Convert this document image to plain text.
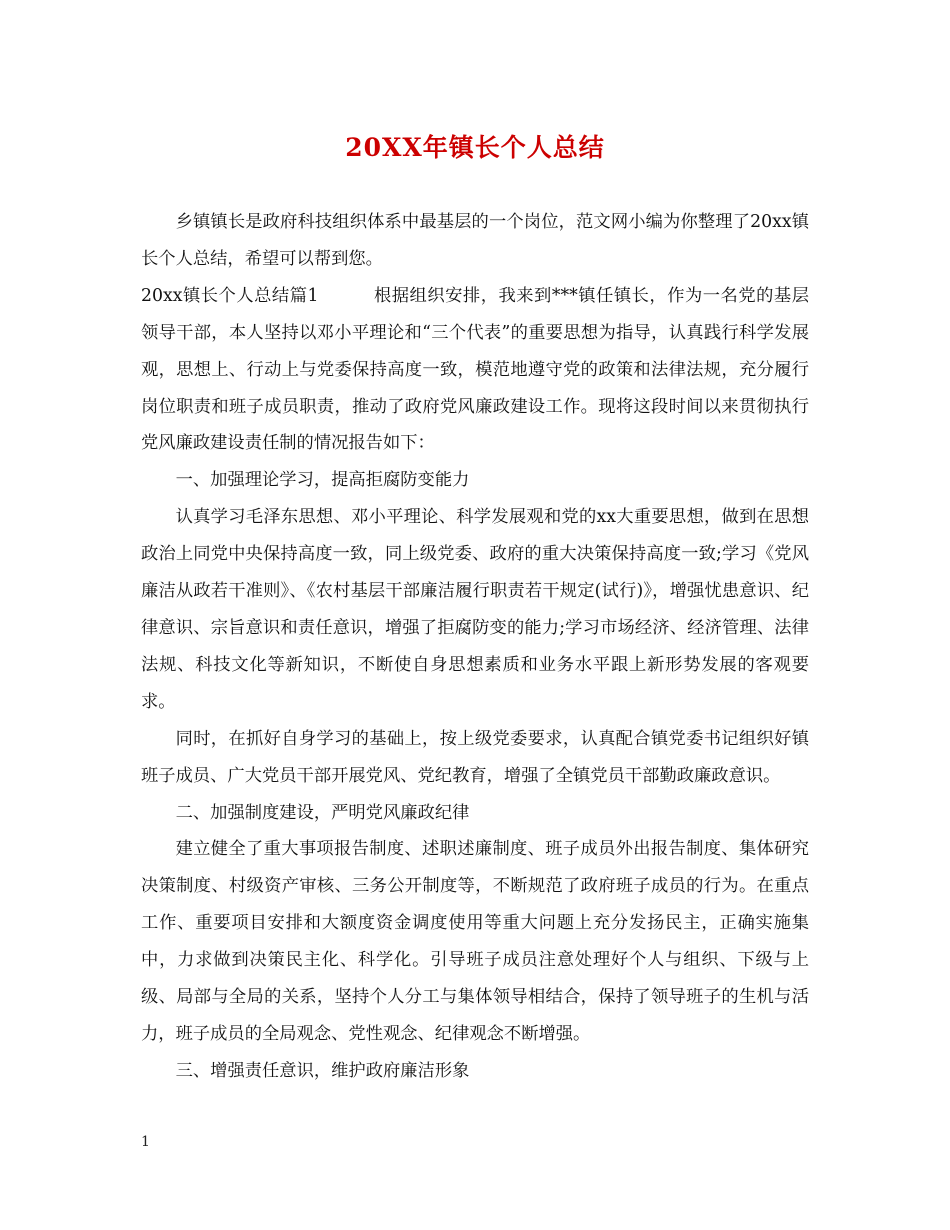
20XX年镇长个人总结

乡镇镇长是政府科技组织体系中最基层的一个岗位，范文网小编为你整理了20xx镇长个人总结，希望可以帮到您。

20xx镇长个人总结篇1	根据组织安排，我来到***镇任镇长，作为一名党的基层领导干部，本人坚持以邓小平理论和“三个代表”的重要思想为指导，认真践行科学发展观，思想上、行动上与党委保持高度一致，模范地遵守党的政策和法律法规，充分履行岗位职责和班子成员职责，推动了政府党风廉政建设工作。现将这段时间以来贯彻执行党风廉政建设责任制的情况报告如下：

一、加强理论学习，提高拒腐防变能力

认真学习毛泽东思想、邓小平理论、科学发展观和党的xx大重要思想，做到在思想政治上同党中央保持高度一致，同上级党委、政府的重大决策保持高度一致;学习《党风廉洁从政若干准则》、《农村基层干部廉洁履行职责若干规定(试行)》，增强忧患意识、纪律意识、宗旨意识和责任意识，增强了拒腐防变的能力;学习市场经济、经济管理、法律法规、科技文化等新知识，不断使自身思想素质和业务水平跟上新形势发展的客观要求。

同时，在抓好自身学习的基础上，按上级党委要求，认真配合镇党委书记组织好镇班子成员、广大党员干部开展党风、党纪教育，增强了全镇党员干部勤政廉政意识。

二、加强制度建设，严明党风廉政纪律

建立健全了重大事项报告制度、述职述廉制度、班子成员外出报告制度、集体研究决策制度、村级资产审核、三务公开制度等，不断规范了政府班子成员的行为。在重点工作、重要项目安排和大额度资金调度使用等重大问题上充分发扬民主，正确实施集中，力求做到决策民主化、科学化。引导班子成员注意处理好个人与组织、下级与上级、局部与全局的关系，坚持个人分工与集体领导相结合，保持了领导班子的生机与活力，班子成员的全局观念、党性观念、纪律观念不断增强。

三、增强责任意识，维护政府廉洁形象

1
